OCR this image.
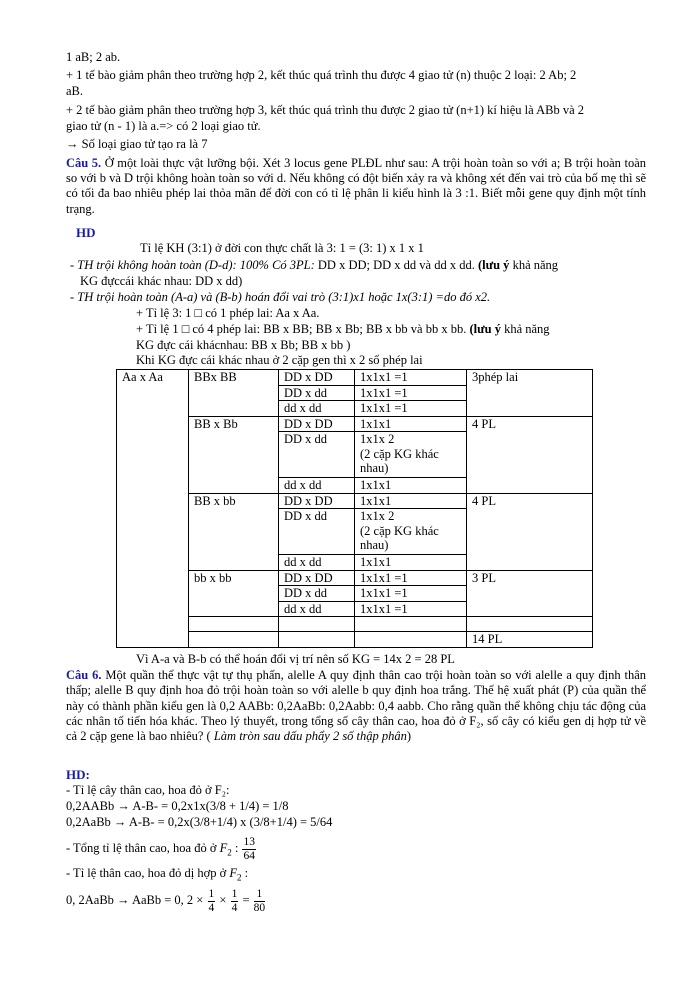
1 aB; 2 ab.
+ 1 tế bào giảm phân theo trường hợp 2, kết thúc quá trình thu được 4 giao tử (n) thuộc 2 loại: 2 Ab; 2
aB.
+ 2 tế bào giảm phân theo trường hợp 3, kết thúc quá trình thu được 2 giao tử (n+1) kí hiệu là ABb và 2
giao tử (n - 1) là a.=> có 2 loại giao tử.
→ Số loại giao tử tạo ra là 7
Câu 5. Ở một loài thực vật lưỡng bội. Xét 3 locus gene PLĐL như sau: A trội hoàn toàn so với a; B trội hoàn toàn so với b và D trội không hoàn toàn so với d. Nếu không có đột biến xảy ra và không xét đến vai trò của bố mẹ thì sẽ có tối đa bao nhiêu phép lai thỏa mãn để đời con có tỉ lệ phân li kiểu hình là 3 :1. Biết mỗi gene quy định một tính trạng.
HD
Tỉ lệ KH (3:1) ở đời con thực chất là 3: 1 = (3: 1) x 1 x 1
- TH trội không hoàn toàn (D-d): 100% Có 3PL: DD x DD; DD x dd và dd x dd. (lưu ý khả năng
KG đựccái khác nhau: DD x dd)
- TH trội hoàn toàn (A-a) và (B-b) hoán đổi vai trò (3:1)x1 hoặc 1x(3:1) =do đó x2.
+ Tỉ lệ 3: 1 □ có 1 phép lai: Aa x Aa.
+ Tỉ lệ 1 □ có 4 phép lai: BB x BB; BB x Bb; BB x bb và bb x bb. (lưu ý khả năng
KG đực cái khácnhau: BB x Bb; BB x bb )
Khi KG đực cái khác nhau ở 2 cặp gen thì x 2 số phép lai
Aa x Aa	BBx BB	DD x DD	1x1x1 =1	3phép lai
		DD x dd	1x1x1 =1	
		dd x dd	1x1x1 =1	
	BB x Bb	DD x DD	1x1x1	4 PL
		DD x dd	1x1x 2
(2 cặp KG khác
nhau)	
		dd x dd	1x1x1	
	BB x bb	DD x DD	1x1x1	4 PL
		DD x dd	1x1x 2
(2 cặp KG khác
nhau)	
		dd x dd	1x1x1	
	bb x bb	DD x DD	1x1x1 =1	3 PL
		DD x dd	1x1x1 =1	
		dd x dd	1x1x1 =1	

				14 PL
Vì A-a và B-b có thể hoán đổi vị trí nên số KG = 14x 2 = 28 PL
Câu 6. Một quần thể thực vật tự thụ phấn, alelle A quy định thân cao trội hoàn toàn so với alelle a quy định thân thấp; alelle B quy định hoa đỏ trội hoàn toàn so với alelle b quy định hoa trắng. Thế hệ xuất phát (P) của quần thể này có thành phần kiểu gen là 0,2 AABb: 0,2AaBb: 0,2Aabb: 0,4 aabb. Cho rằng quần thể không chịu tác động của các nhân tố tiến hóa khác. Theo lý thuyết, trong tổng số cây thân cao, hoa đỏ ở F₂, số cây có kiểu gen dị hợp tử về cả 2 cặp gene là bao nhiêu? ( Làm tròn sau dấu phẩy 2 số thập phân)
HD:
- Tỉ lệ cây thân cao, hoa đỏ ở F₂:
0,2AABb → A-B- = 0,2x1x(3/8 + 1/4) = 1/8
0,2AaBb → A-B- = 0,2x(3/8+1/4) x (3/8+1/4) = 5/64
- Tổng tỉ lệ thân cao, hoa đỏ ở $F_2$ : $\frac{13}{64}$
- Tỉ lệ thân cao, hoa đỏ dị hợp ở $F_2$ :
0, 2AaBb → AaBb = 0, $2 \times \frac{1}{4} \times \frac{1}{4} = \frac{1}{80}$
